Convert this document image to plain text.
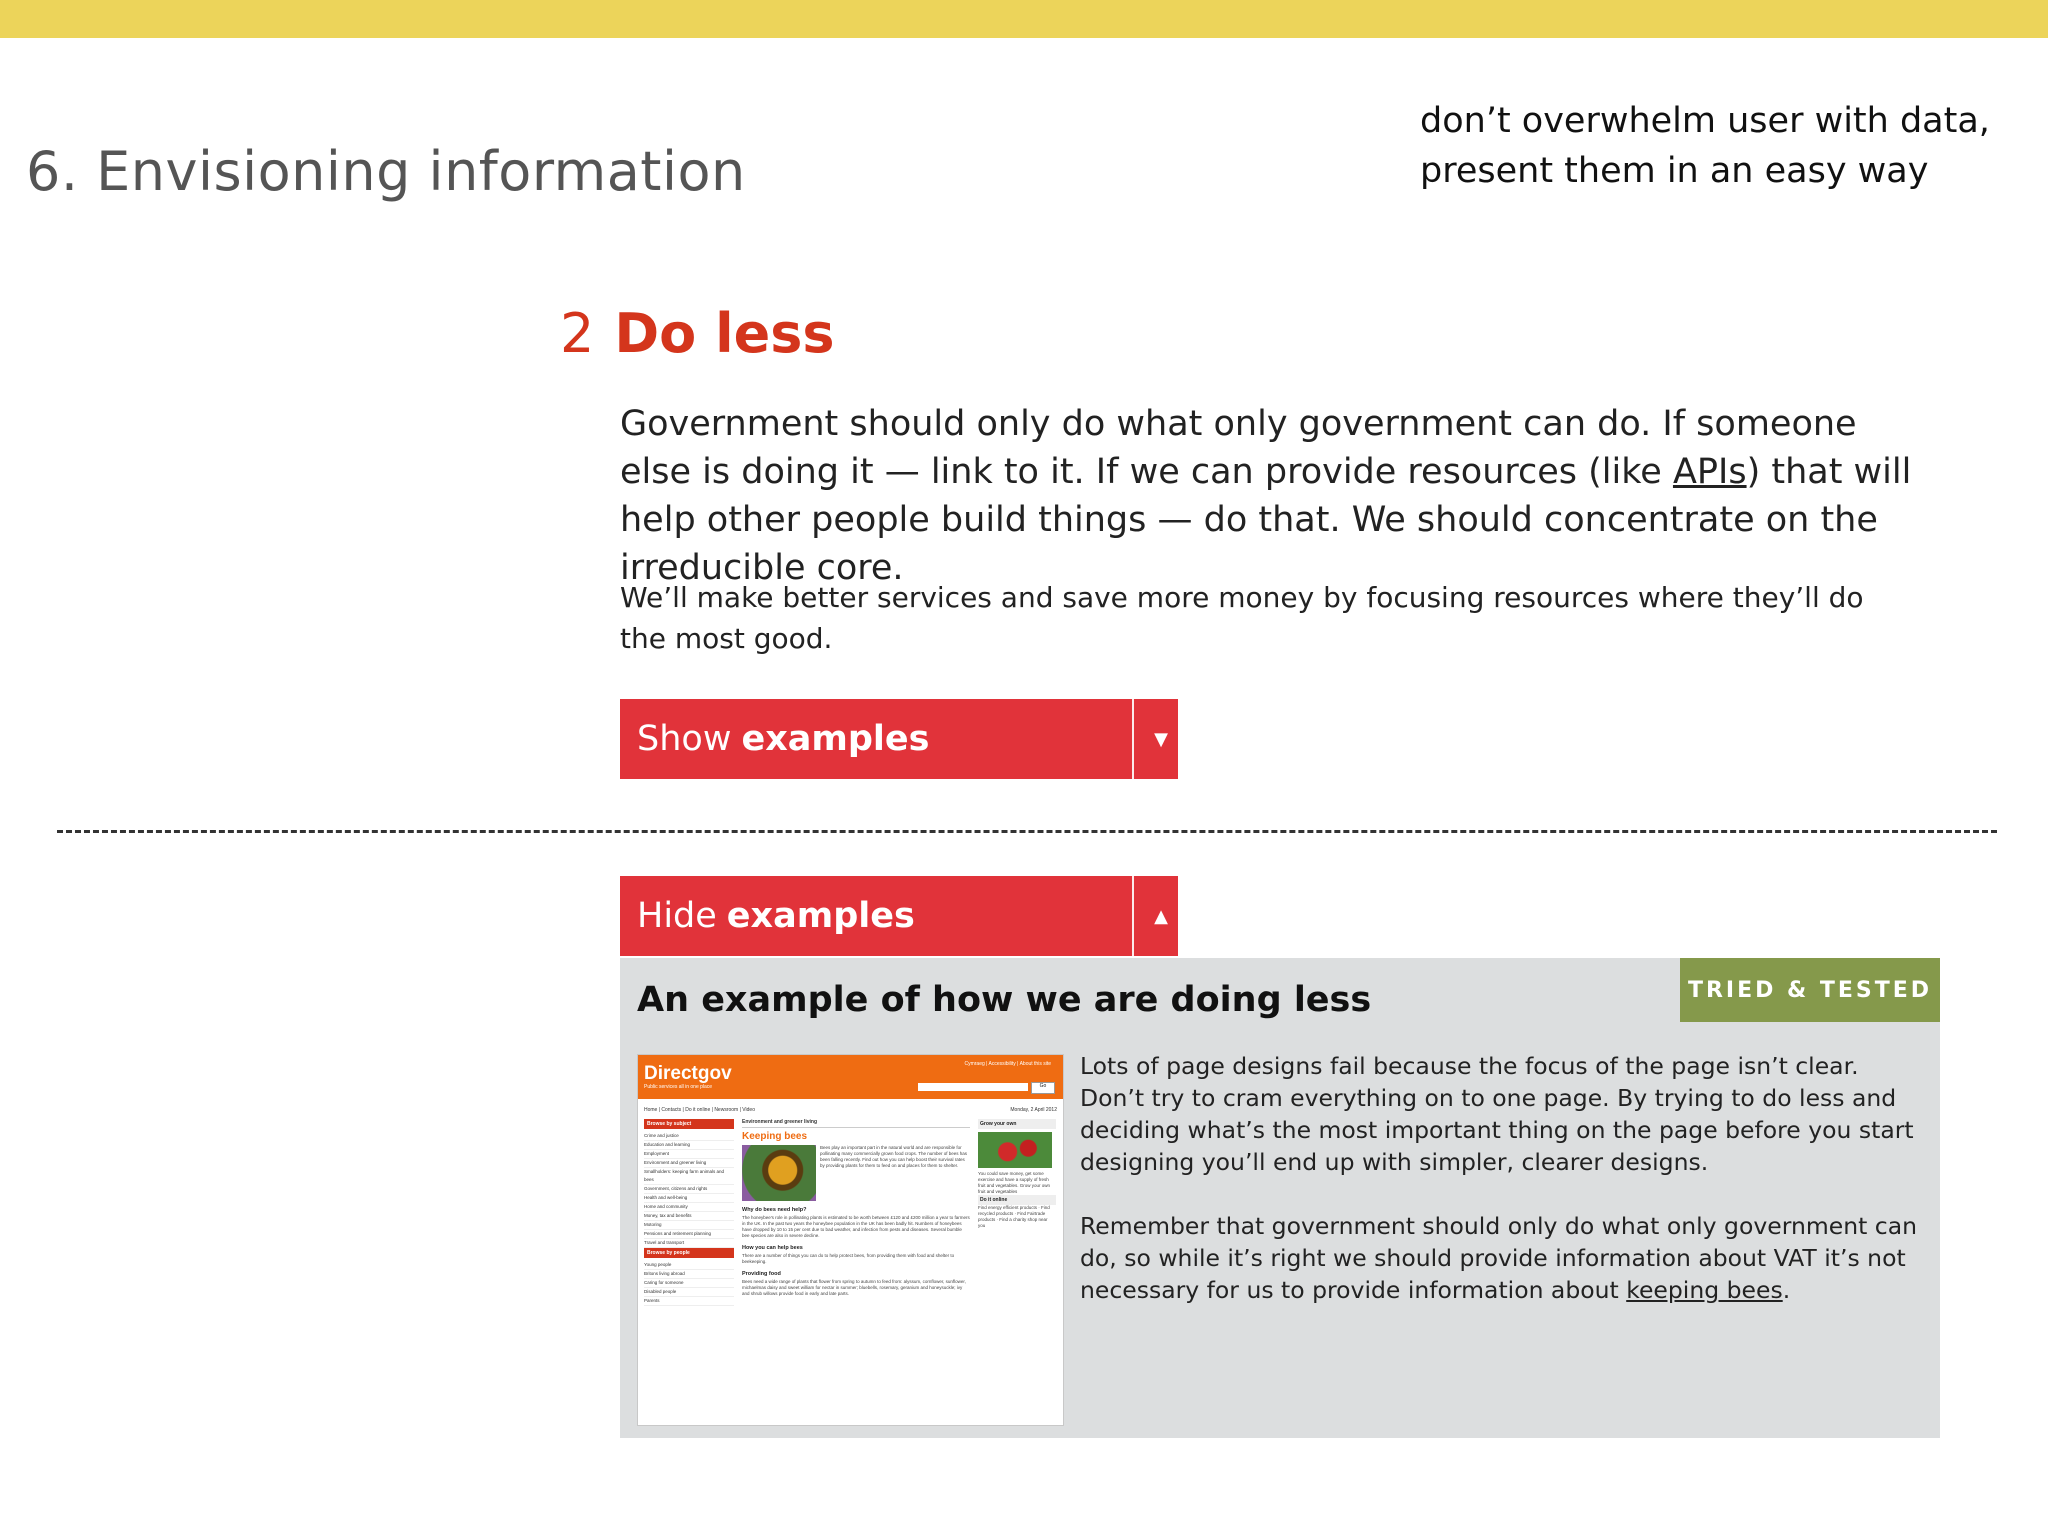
6. Envisioning information
don’t overwhelm user with data,
present them in an easy way
2 Do less

Government should only do what only government can do. If someone else is doing it — link to it. If we can provide resources (like APIs) that will help other people build things — do that. We should concentrate on the irreducible core.

We’ll make better services and save more money by focusing resources where they’ll do the most good.

Show examples	▼
Hide examples	▲
An example of how we are doing less	TRIED & TESTED
Directgov
Public services all in one place
Cymraeg | Accessibility | About this site
Go
Home | Contacts | Do it online | Newsroom | Video	Monday, 2 April 2012
Browse by subject
Crime and justice
Education and learning
Employment
Environment and greener living
Smallholders: keeping farm animals and bees
Government, citizens and rights
Health and well-being
Home and community
Money, tax and benefits
Motoring
Pensions and retirement planning
Travel and transport
Browse by people
Young people
Britons living abroad
Caring for someone
Disabled people
Parents
Environment and greener living
Keeping bees
Bees play an important part in the natural world and are responsible for pollinating many commercially grown food crops. The number of bees has been falling recently. Find out how you can help boost their survival rates by providing plants for them to feed on and places for them to shelter.
Why do bees need help?
The honeybee's role in pollinating plants is estimated to be worth between £120 and £200 million a year to farmers in the UK. In the past two years the honeybee population in the UK has been badly hit. Numbers of honeybees have dropped by 10 to 15 per cent due to bad weather, and infection from pests and diseases. Several bumble bee species are also in severe decline.
How you can help bees
There are a number of things you can do to help protect bees, from providing them with food and shelter to beekeeping.
Providing food
Bees need a wide range of plants that flower from spring to autumn to feed from: alyssum, cornflower, sunflower, michaelmas daisy and sweet william for nectar in summer; bluebells, rosemary, geranium and honeysuckle; ivy and shrub willows provide food in early and late parts.
Grow your own
You could save money, get some exercise and have a supply of fresh fruit and vegetables. Grow your own fruit and vegetables
Do it online
Find energy efficient products · Find recycled products · Find Fairtrade products · Find a charity shop near you

Lots of page designs fail because the focus of the page isn’t clear. Don’t try to cram everything on to one page. By trying to do less and deciding what’s the most important thing on the page before you start designing you’ll end up with simpler, clearer designs.

Remember that government should only do what only government can do, so while it’s right we should provide information about VAT it’s not necessary for us to provide information about keeping bees.
